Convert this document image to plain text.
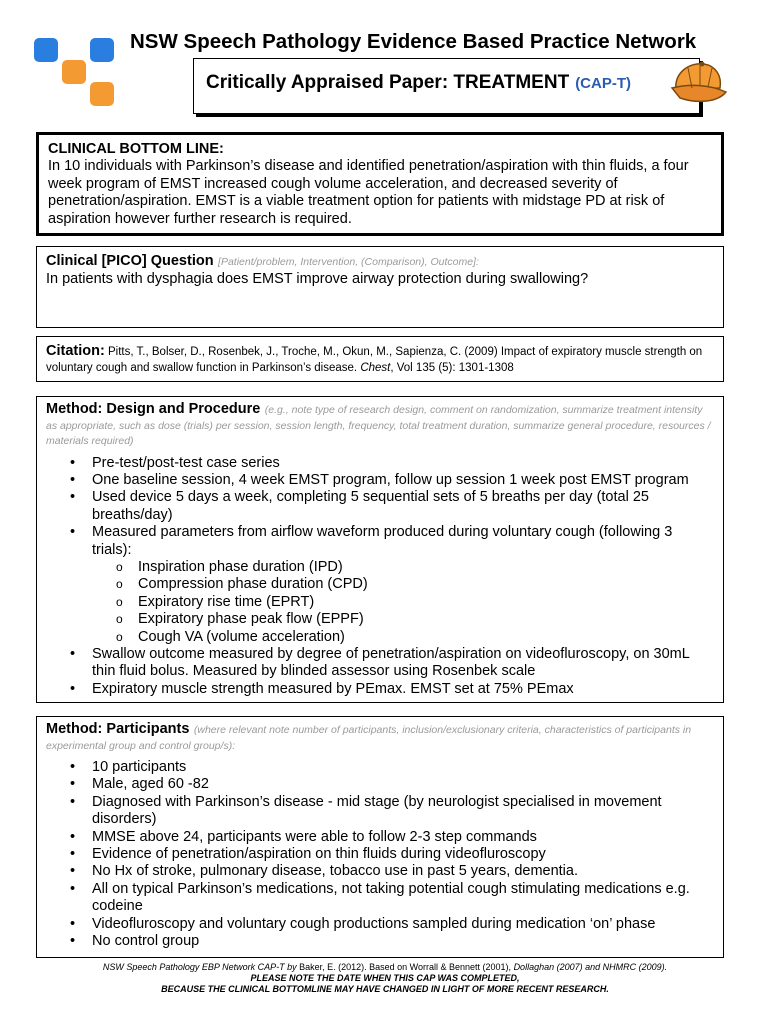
NSW Speech Pathology Evidence Based Practice Network
Critically Appraised Paper: TREATMENT (CAP-T)
CLINICAL BOTTOM LINE:
In 10 individuals with Parkinson’s disease and identified penetration/aspiration with thin fluids, a four week program of EMST increased cough volume acceleration, and decreased severity of penetration/aspiration. EMST is a viable treatment option for patients with midstage PD at risk of aspiration however further research is required.
Clinical [PICO] Question [Patient/problem, Intervention, (Comparison), Outcome]:
In patients with dysphagia does EMST improve airway protection during swallowing?
Citation: Pitts, T., Bolser, D., Rosenbek, J., Troche, M., Okun, M., Sapienza, C. (2009) Impact of expiratory muscle strength on voluntary cough and swallow function in Parkinson’s disease. Chest, Vol 135 (5): 1301-1308
Method: Design and Procedure (e.g., note type of research design, comment on randomization, summarize treatment intensity as appropriate, such as dose (trials) per session, session length, frequency, total treatment duration, summarize general procedure, resources / materials required)
• Pre-test/post-test case series
• One baseline session, 4 week EMST program, follow up session 1 week post EMST program
• Used device 5 days a week, completing 5 sequential sets of 5 breaths per day (total 25 breaths/day)
• Measured parameters from airflow waveform produced during voluntary cough (following 3 trials):
o Inspiration phase duration (IPD)
o Compression phase duration (CPD)
o Expiratory rise time (EPRT)
o Expiratory phase peak flow (EPPF)
o Cough VA (volume acceleration)
• Swallow outcome measured by degree of penetration/aspiration on videofluroscopy, on 30mL thin fluid bolus. Measured by blinded assessor using Rosenbek scale
• Expiratory muscle strength measured by PEmax. EMST set at 75% PEmax
Method: Participants (where relevant note number of participants, inclusion/exclusionary criteria, characteristics of participants in experimental group and control group/s):
• 10 participants
• Male, aged 60 -82
• Diagnosed with Parkinson’s disease - mid stage (by neurologist specialised in movement disorders)
• MMSE above 24, participants were able to follow 2-3 step commands
• Evidence of penetration/aspiration on thin fluids during videofluroscopy
• No Hx of stroke, pulmonary disease, tobacco use in past 5 years, dementia.
• All on typical Parkinson’s medications, not taking potential cough stimulating medications e.g. codeine
• Videofluroscopy and voluntary cough productions sampled during medication ‘on’ phase
• No control group
NSW Speech Pathology EBP Network CAP-T by Baker, E. (2012). Based on Worrall & Bennett (2001), Dollaghan (2007) and NHMRC (2009).
PLEASE NOTE THE DATE WHEN THIS CAP WAS COMPLETED,
BECAUSE THE CLINICAL BOTTOMLINE MAY HAVE CHANGED IN LIGHT OF MORE RECENT RESEARCH.
